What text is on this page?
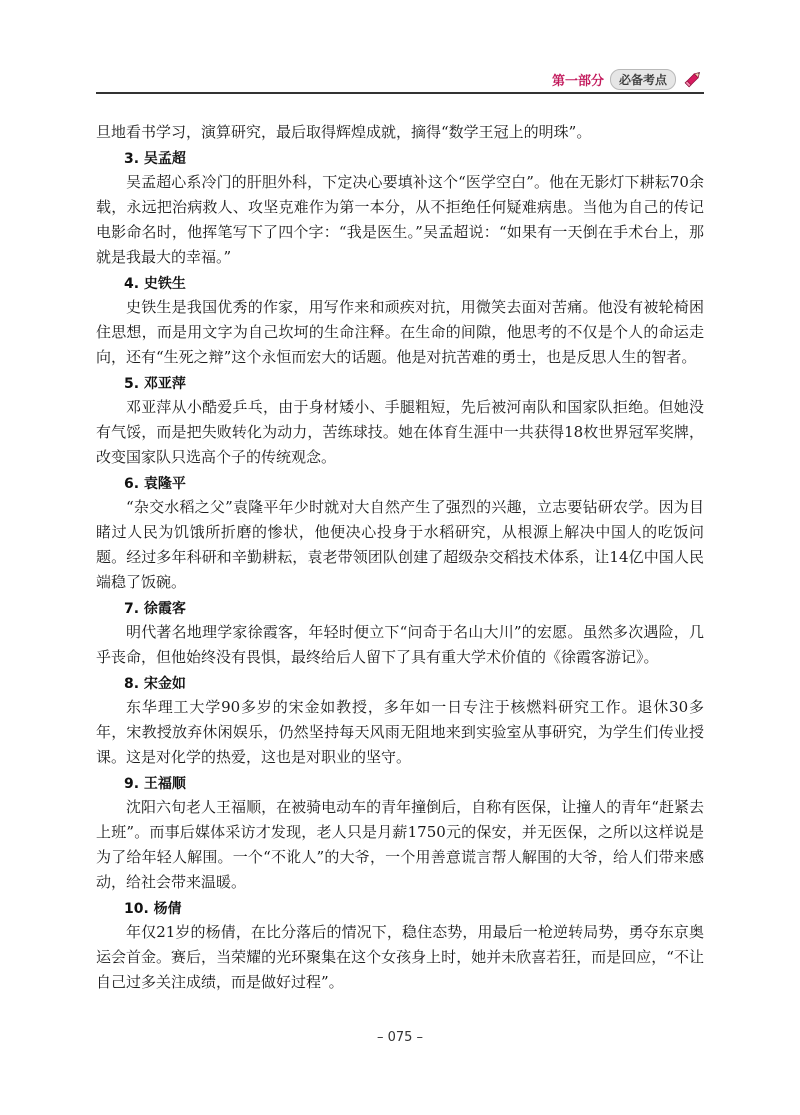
第一部分	必备考点

旦地看书学习，演算研究，最后取得辉煌成就，摘得“数学王冠上的明珠”。

3. 吴孟超

吴孟超心系冷门的肝胆外科，下定决心要填补这个“医学空白”。他在无影灯下耕耘70余载，永远把治病救人、攻坚克难作为第一本分，从不拒绝任何疑难病患。当他为自己的传记电影命名时，他挥笔写下了四个字：“我是医生。”吴孟超说：“如果有一天倒在手术台上，那就是我最大的幸福。”

4. 史铁生

史铁生是我国优秀的作家，用写作来和顽疾对抗，用微笑去面对苦痛。他没有被轮椅困住思想，而是用文字为自己坎坷的生命注释。在生命的间隙，他思考的不仅是个人的命运走向，还有“生死之辩”这个永恒而宏大的话题。他是对抗苦难的勇士，也是反思人生的智者。

5. 邓亚萍

邓亚萍从小酷爱乒乓，由于身材矮小、手腿粗短，先后被河南队和国家队拒绝。但她没有气馁，而是把失败转化为动力，苦练球技。她在体育生涯中一共获得18枚世界冠军奖牌，改变国家队只选高个子的传统观念。

6. 袁隆平

“杂交水稻之父”袁隆平年少时就对大自然产生了强烈的兴趣，立志要钻研农学。因为目睹过人民为饥饿所折磨的惨状，他便决心投身于水稻研究，从根源上解决中国人的吃饭问题。经过多年科研和辛勤耕耘，袁老带领团队创建了超级杂交稻技术体系，让14亿中国人民端稳了饭碗。

7. 徐霞客

明代著名地理学家徐霞客，年轻时便立下“问奇于名山大川”的宏愿。虽然多次遇险，几乎丧命，但他始终没有畏惧，最终给后人留下了具有重大学术价值的《徐霞客游记》。

8. 宋金如

东华理工大学90多岁的宋金如教授，多年如一日专注于核燃料研究工作。退休30多年，宋教授放弃休闲娱乐，仍然坚持每天风雨无阻地来到实验室从事研究，为学生们传业授课。这是对化学的热爱，这也是对职业的坚守。

9. 王福顺

沈阳六旬老人王福顺，在被骑电动车的青年撞倒后，自称有医保，让撞人的青年“赶紧去上班”。而事后媒体采访才发现，老人只是月薪1750元的保安，并无医保，之所以这样说是为了给年轻人解围。一个“不讹人”的大爷，一个用善意谎言帮人解围的大爷，给人们带来感动，给社会带来温暖。

10. 杨倩

年仅21岁的杨倩，在比分落后的情况下，稳住态势，用最后一枪逆转局势，勇夺东京奥运会首金。赛后，当荣耀的光环聚集在这个女孩身上时，她并未欣喜若狂，而是回应，“不让自己过多关注成绩，而是做好过程”。

– 075 –
